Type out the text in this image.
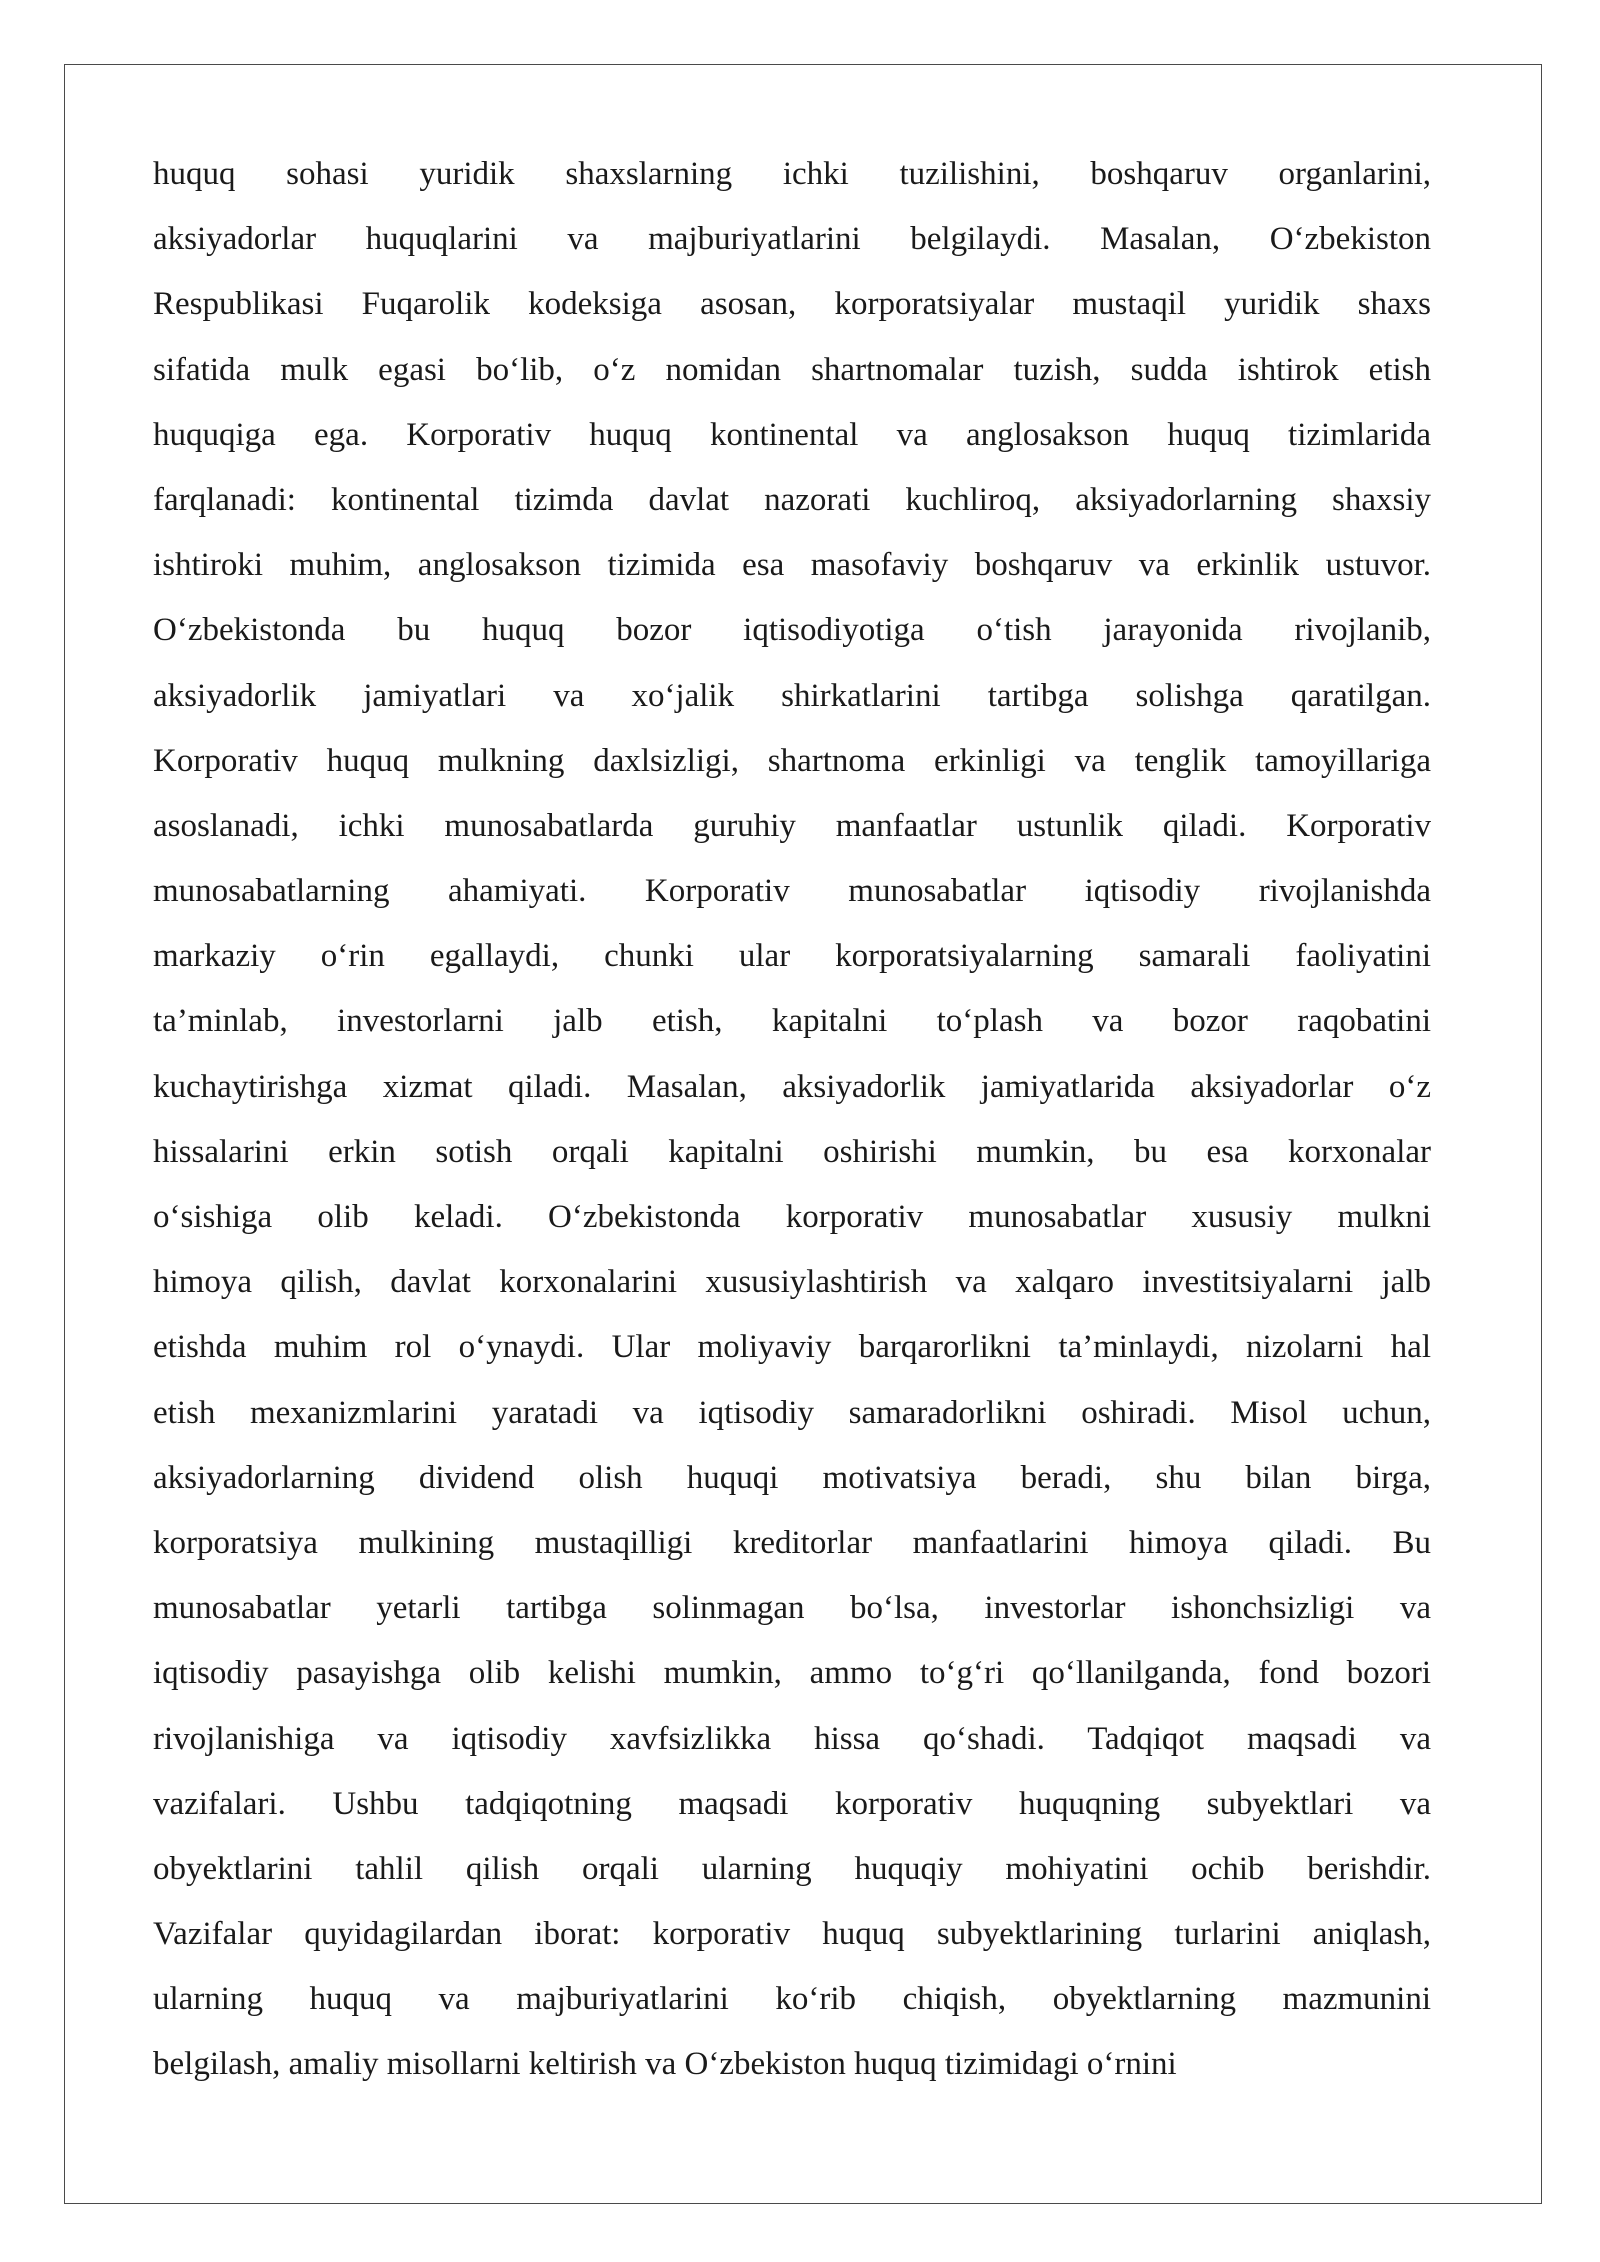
huquq sohasi yuridik shaxslarning ichki tuzilishini, boshqaruv organlarini,
aksiyadorlar huquqlarini va majburiyatlarini belgilaydi. Masalan, O‘zbekiston
Respublikasi Fuqarolik kodeksiga asosan, korporatsiyalar mustaqil yuridik shaxs
sifatida mulk egasi bo‘lib, o‘z nomidan shartnomalar tuzish, sudda ishtirok etish
huquqiga ega. Korporativ huquq kontinental va anglosakson huquq tizimlarida
farqlanadi: kontinental tizimda davlat nazorati kuchliroq, aksiyadorlarning shaxsiy
ishtiroki muhim, anglosakson tizimida esa masofaviy boshqaruv va erkinlik ustuvor.
O‘zbekistonda bu huquq bozor iqtisodiyotiga o‘tish jarayonida rivojlanib,
aksiyadorlik jamiyatlari va xo‘jalik shirkatlarini tartibga solishga qaratilgan.
Korporativ huquq mulkning daxlsizligi, shartnoma erkinligi va tenglik tamoyillariga
asoslanadi, ichki munosabatlarda guruhiy manfaatlar ustunlik qiladi. Korporativ
munosabatlarning ahamiyati. Korporativ munosabatlar iqtisodiy rivojlanishda
markaziy o‘rin egallaydi, chunki ular korporatsiyalarning samarali faoliyatini
ta’minlab, investorlarni jalb etish, kapitalni to‘plash va bozor raqobatini
kuchaytirishga xizmat qiladi. Masalan, aksiyadorlik jamiyatlarida aksiyadorlar o‘z
hissalarini erkin sotish orqali kapitalni oshirishi mumkin, bu esa korxonalar
o‘sishiga olib keladi. O‘zbekistonda korporativ munosabatlar xususiy mulkni
himoya qilish, davlat korxonalarini xususiylashtirish va xalqaro investitsiyalarni jalb
etishda muhim rol o‘ynaydi. Ular moliyaviy barqarorlikni ta’minlaydi, nizolarni hal
etish mexanizmlarini yaratadi va iqtisodiy samaradorlikni oshiradi. Misol uchun,
aksiyadorlarning dividend olish huquqi motivatsiya beradi, shu bilan birga,
korporatsiya mulkining mustaqilligi kreditorlar manfaatlarini himoya qiladi. Bu
munosabatlar yetarli tartibga solinmagan bo‘lsa, investorlar ishonchsizligi va
iqtisodiy pasayishga olib kelishi mumkin, ammo to‘g‘ri qo‘llanilganda, fond bozori
rivojlanishiga va iqtisodiy xavfsizlikka hissa qo‘shadi. Tadqiqot maqsadi va
vazifalari. Ushbu tadqiqotning maqsadi korporativ huquqning subyektlari va
obyektlarini tahlil qilish orqali ularning huquqiy mohiyatini ochib berishdir.
Vazifalar quyidagilardan iborat: korporativ huquq subyektlarining turlarini aniqlash,
ularning huquq va majburiyatlarini ko‘rib chiqish, obyektlarning mazmunini
belgilash, amaliy misollarni keltirish va O‘zbekiston huquq tizimidagi o‘rnini
